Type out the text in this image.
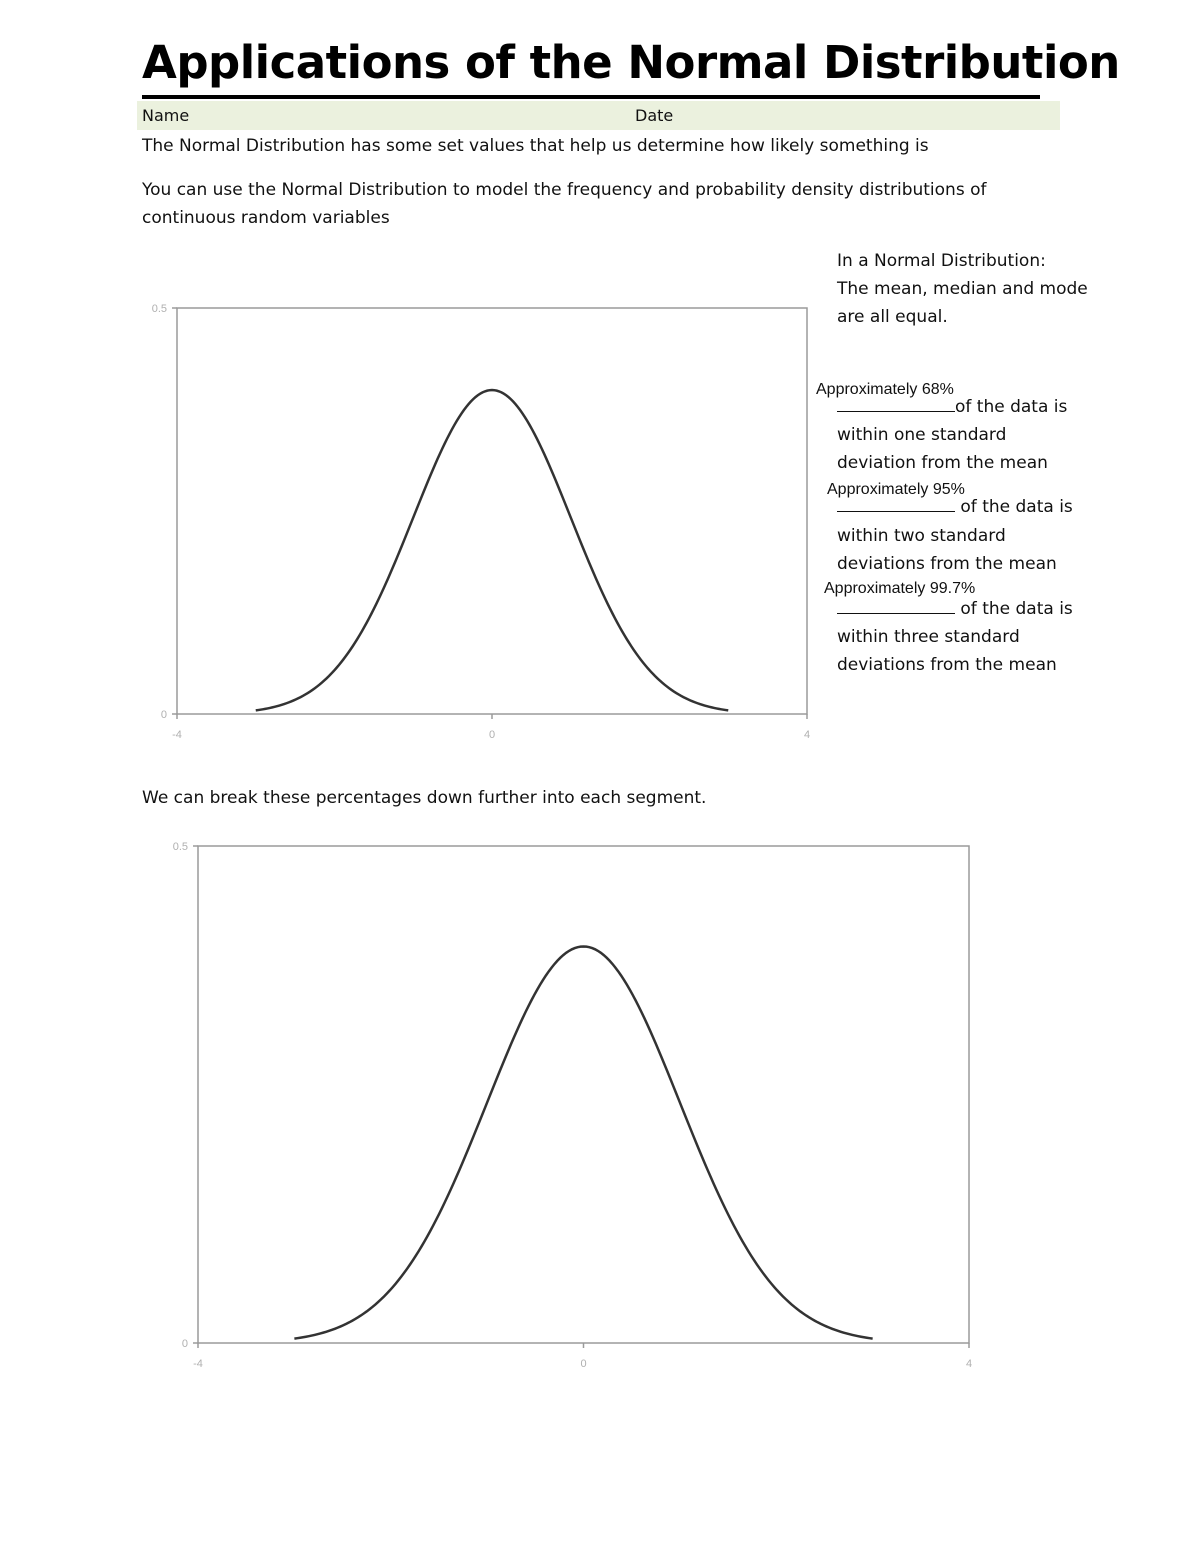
Applications of the Normal Distribution
Name	Date
The Normal Distribution has some set values that help us determine how likely something is
You can use the Normal Distribution to model the frequency and probability density distributions of
continuous random variables
In a Normal Distribution:
The mean, median and mode
are all equal.
Approximately 68%
of the data is
within one standard
deviation from the mean
Approximately 95%
of the data is
within two standard
deviations from the mean
Approximately 99.7%
of the data is
within three standard
deviations from the mean
-4	0	4
0
0.5
We can break these percentages down further into each segment.
-4	0	4
0
0.5
